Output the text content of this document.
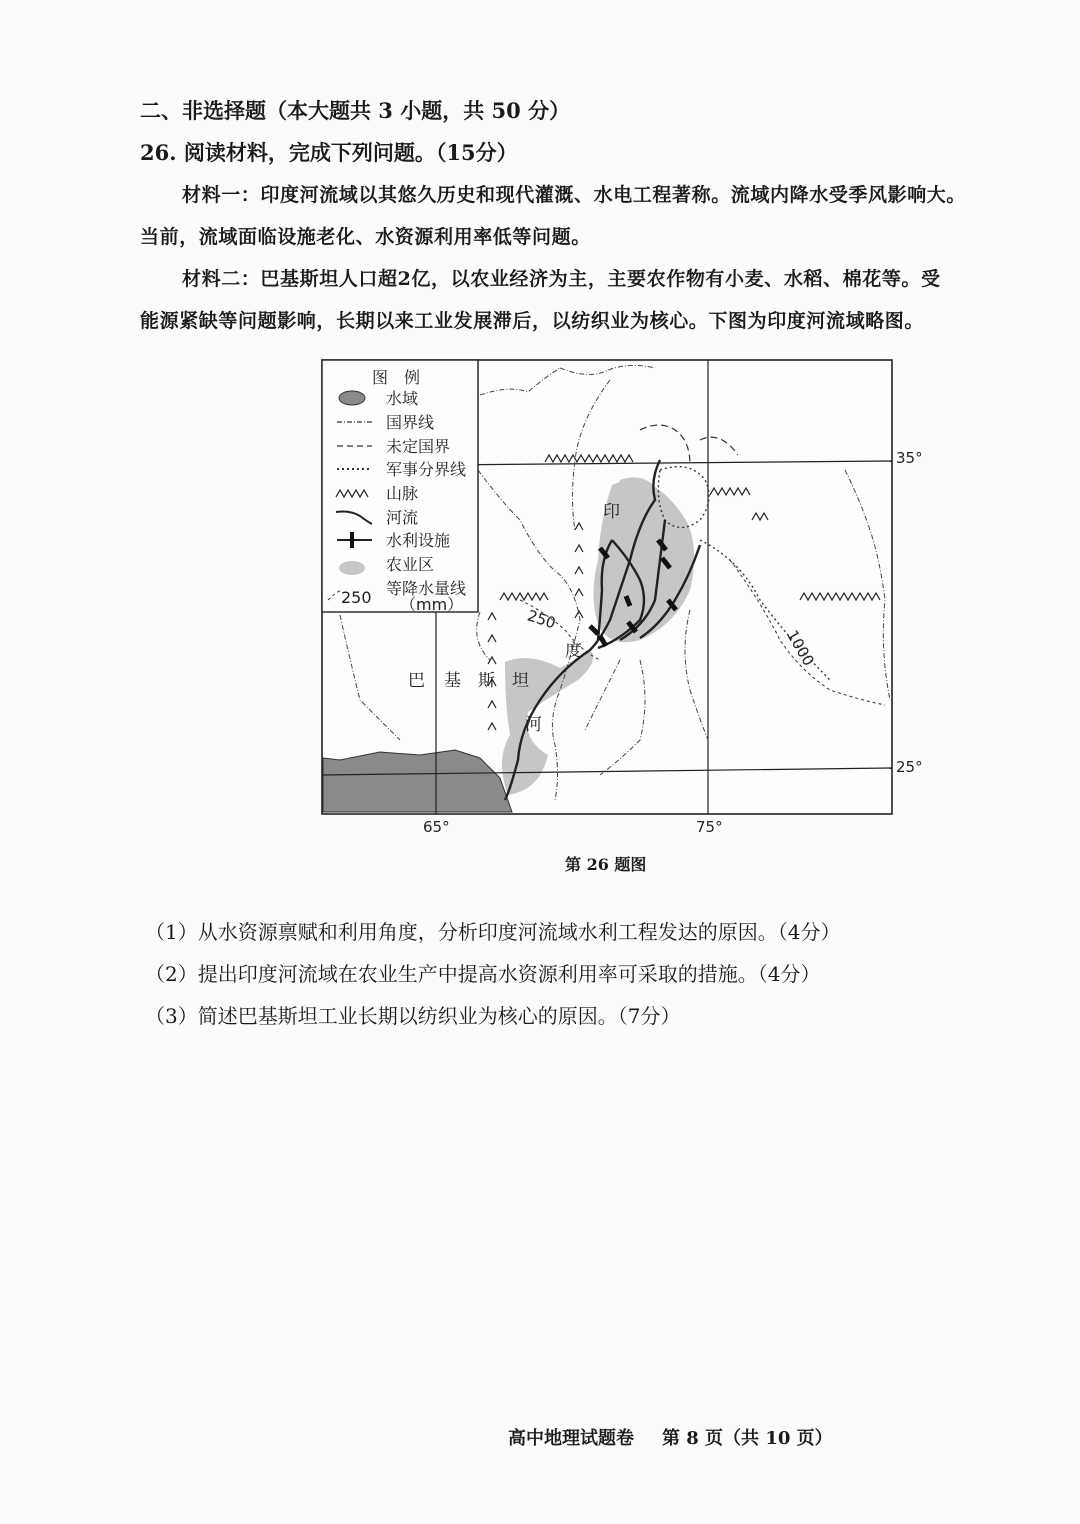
二、非选择题（本大题共 3 小题，共 50 分）
26. 阅读材料，完成下列问题。（15分）
材料一：印度河流域以其悠久历史和现代灌溉、水电工程著称。流域内降水受季风影响大。
当前，流域面临设施老化、水资源利用率低等问题。
材料二：巴基斯坦人口超2亿，以农业经济为主，主要农作物有小麦、水稻、棉花等。受
能源紧缺等问题影响，长期以来工业发展滞后，以纺织业为核心。下图为印度河流域略图。
印
度
河
巴 基 斯 坦
250
1000
35°
25°
65°	75°
图　例
水域
国界线
未定国界
军事分界线
山脉
河流
水利设施
农业区
250 等降水量线
（mm）
第 26 题图
（1）从水资源禀赋和利用角度，分析印度河流域水利工程发达的原因。（4分）
（2）提出印度河流域在农业生产中提高水资源利用率可采取的措施。（4分）
（3）简述巴基斯坦工业长期以纺织业为核心的原因。（7分）
高中地理试题卷 第 8 页（共 10 页）
